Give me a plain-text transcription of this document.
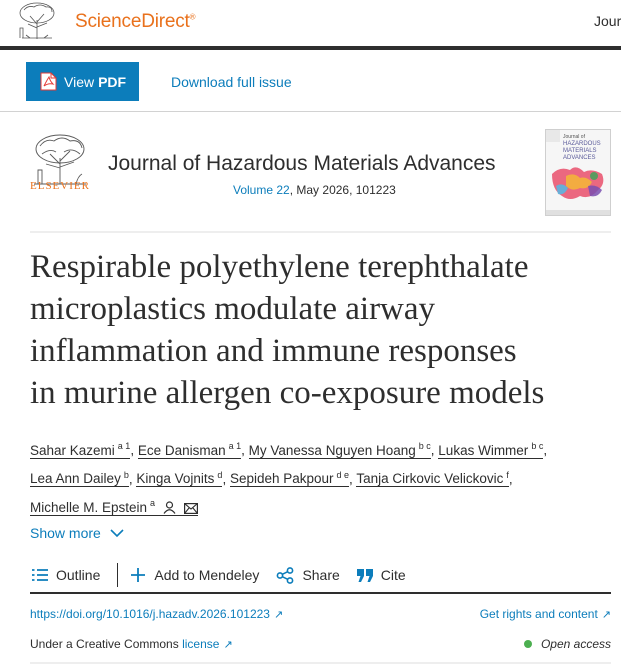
ScienceDirect®	Jour
View PDF	Download full issue
ELSEVIER
Journal of Hazardous Materials Advances
Volume 22, May 2026, 101223
Journal of
HAZARDOUS
MATERIALS
ADVANCES
Respirable polyethylene terephthalate
microplastics modulate airway
inflammation and immune responses
in murine allergen co-exposure models
Sahar Kazemi $^{a 1}$, Ece Danisman $^{a 1}$, My Vanessa Nguyen Hoang $^{b c}$, Lukas Wimmer $^{b c}$,
Lea Ann Dailey $^b$, Kinga Vojnits $^d$, Sepideh Pakpour $^{d e}$, Tanja Cirkovic Velickovic $^f$,
Michelle M. Epstein $^a$
Show more
Outline	Add to Mendeley	Share	Cite
https://doi.org/10.1016/j.hazadv.2026.101223 ↗	Get rights and content ↗
Under a Creative Commons license ↗	Open access
